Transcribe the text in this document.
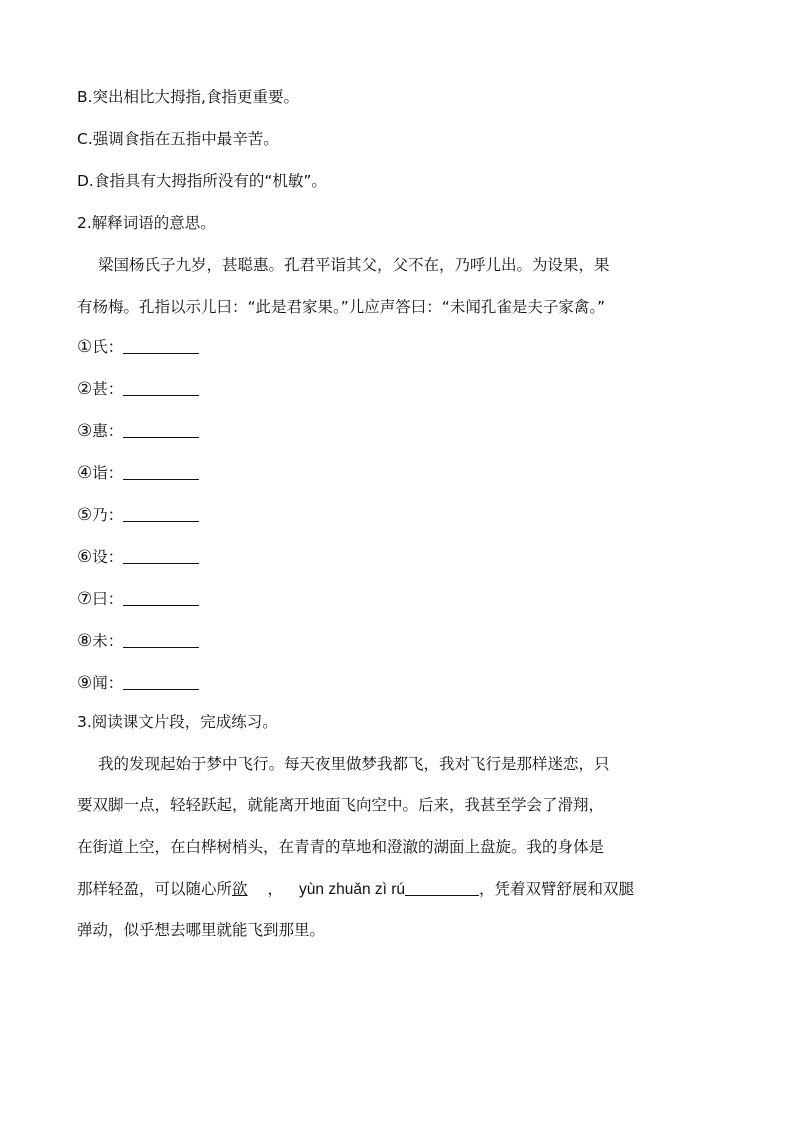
B.突出相比大拇指,食指更重要。
C.强调食指在五指中最辛苦。
D.食指具有大拇指所没有的“机敏”。
2.解释词语的意思。
梁国杨氏子九岁，甚聪惠。孔君平诣其父，父不在，乃呼儿出。为设果，果
有杨梅。孔指以示儿曰：“此是君家果。”儿应声答曰：“未闻孔雀是夫子家禽。”
①氏：
②甚：
③惠：
④诣：
⑤乃：
⑥设：
⑦曰：
⑧未：
⑨闻：
3.阅读课文片段，完成练习。
我的发现起始于梦中飞行。每天夜里做梦我都飞，我对飞行是那样迷恋，只
要双脚一点，轻轻跃起，就能离开地面飞向空中。后来，我甚至学会了滑翔，
在街道上空，在白桦树梢头，在青青的草地和澄澈的湖面上盘旋。我的身体是
那样轻盈，可以随心所欲 ， yùn zhuǎn zì rú	，凭着双臂舒展和双腿
弹动，似乎想去哪里就能飞到那里。
